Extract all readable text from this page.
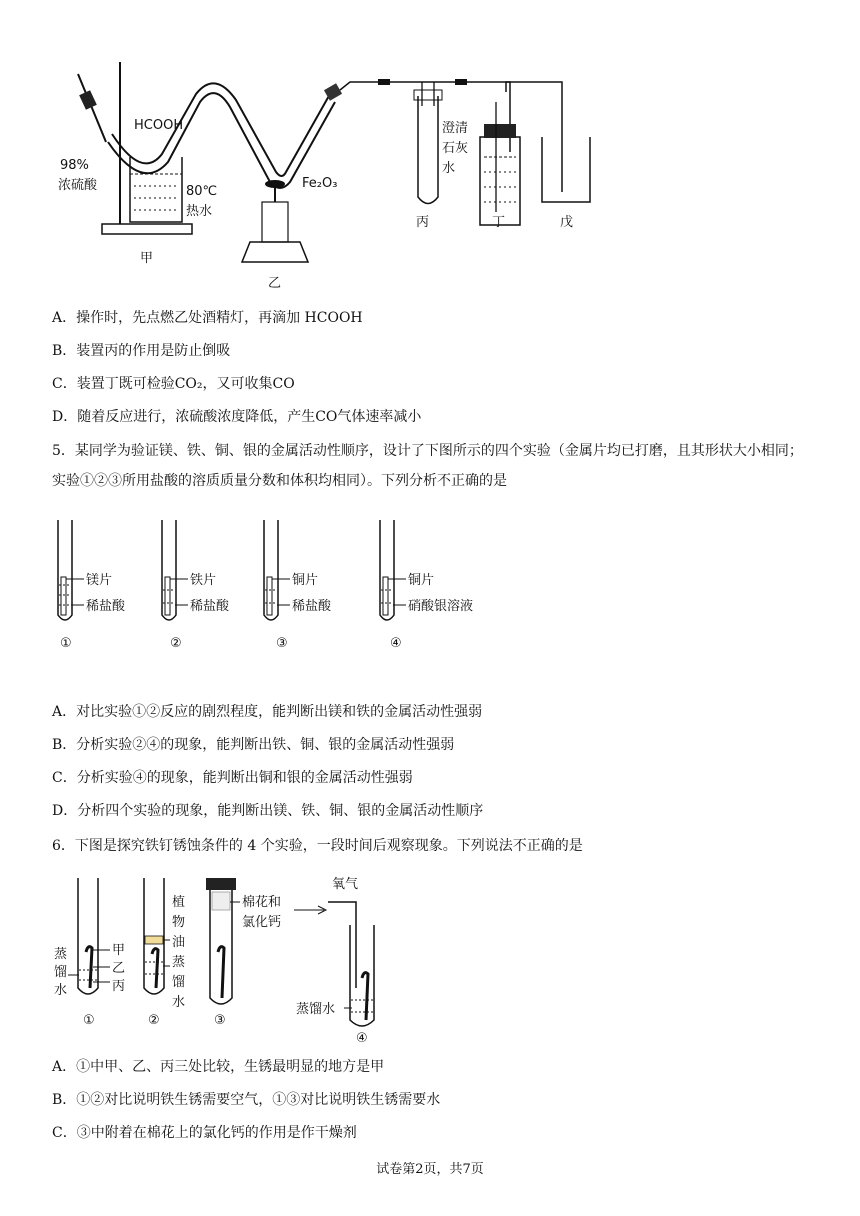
HCOOH
98%
浓硫酸	80℃
热水
Fe₂O₃
澄清
石灰
水
甲
乙
丙	丁	戊
A．操作时，先点燃乙处酒精灯，再滴加 HCOOH
B．装置丙的作用是防止倒吸
C．装置丁既可检验CO₂，又可收集CO
D．随着反应进行，浓硫酸浓度降低，产生CO气体速率减小
5．某同学为验证镁、铁、铜、银的金属活动性顺序，设计了下图所示的四个实验（金属片均已打磨，且其形状大小相同；实验①②③所用盐酸的溶质质量分数和体积均相同）。下列分析不正确的是
镁片
稀盐酸
①
铁片
稀盐酸
②
铜片
稀盐酸
③
铜片
硝酸银溶液
④
A．对比实验①②反应的剧烈程度，能判断出镁和铁的金属活动性强弱
B．分析实验②④的现象，能判断出铁、铜、银的金属活动性强弱
C．分析实验④的现象，能判断出铜和银的金属活动性强弱
D．分析四个实验的现象，能判断出镁、铁、铜、银的金属活动性顺序
6．下图是探究铁钉锈蚀条件的 4 个实验，一段时间后观察现象。下列说法不正确的是
蒸
馏
水
甲
乙
丙
①
植
物
油
蒸
馏
水
②
棉花和
氯化钙
③
氧气
蒸馏水
④
A．①中甲、乙、丙三处比较，生锈最明显的地方是甲
B．①②对比说明铁生锈需要空气，①③对比说明铁生锈需要水
C．③中附着在棉花上的氯化钙的作用是作干燥剂
试卷第2页，共7页
